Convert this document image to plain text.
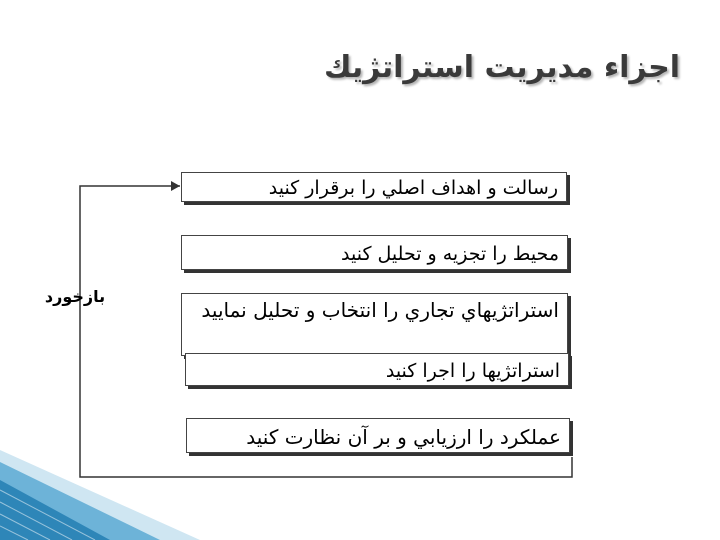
اجزاء مديريت استراتژيك
رسالت و اهداف اصلي را برقرار كنيد
محيط را تجزيه و تحليل كنيد
استراتژيهاي تجاري را انتخاب و تحليل نماييد
استراتژيها را اجرا كنيد
عملكرد را ارزيابي و بر آن نظارت كنيد
بازخورد
